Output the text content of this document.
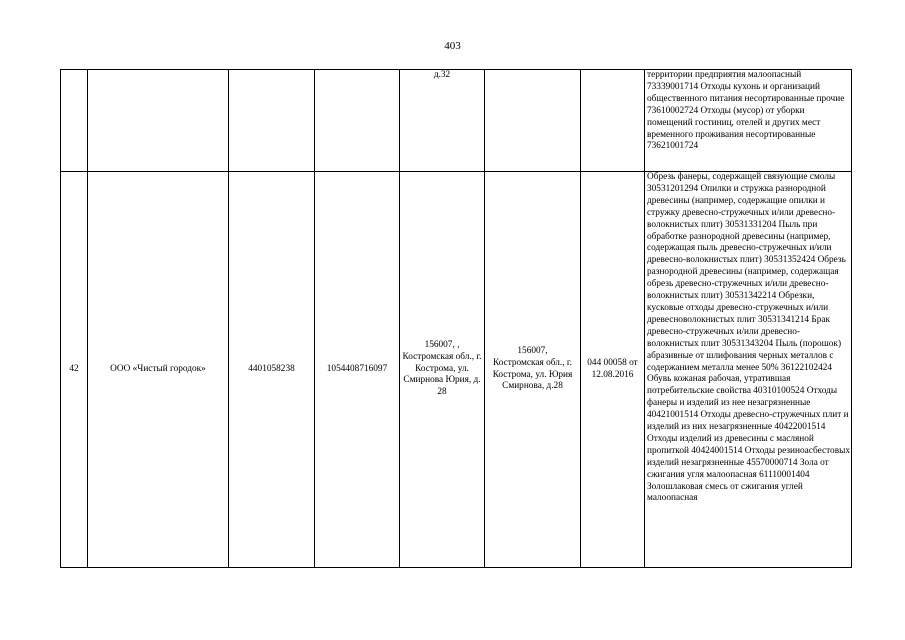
403
				д.32			территории предприятия малоопасный
73339001714 Отходы кухонь и организаций общественного питания несортированные прочие
73610002724 Отходы (мусор) от уборки помещений гостиниц, отелей и других мест временного проживания несортированные
73621001724
42	ООО «Чистый городок»	4401058238	1054408716097	156007, ,
Костромская обл., г. Кострома, ул. Смирнова Юрия, д. 28	156007,
Костромская обл., г. Кострома, ул. Юрия Смирнова, д.28	044 00058 от 12.08.2016	Обрезь фанеры, содержащей связующие смолы 30531201294 Опилки и стружка разнородной древесины (например, содержащие опилки и стружку древесно-стружечных и/или древесно-волокнистых плит) 30531331204 Пыль при обработке разнородной древесины (например, содержащая пыль древесно-стружечных и/или древесно-волокнистых плит) 30531352424 Обрезь разнородной древесины (например, содержащая обрезь древесно-стружечных и/или древесно-волокнистых плит) 30531342214 Обрезки, кусковые отходы древесно-стружечных и/или древесноволокнистых плит 30531341214 Брак древесно-стружечных и/или древесно-волокнистых плит 30531343204 Пыль (порошок) абразивные от шлифования черных металлов с содержанием металла менее 50% 36122102424 Обувь кожаная рабочая, утратившая потребительские свойства 40310100524 Отходы фанеры и изделий из нее незагрязненные 40421001514 Отходы древесно-стружечных плит и изделий из них незагрязненные 40422001514 Отходы изделий из древесины с масляной пропиткой 40424001514 Отходы резиноасбестовых изделий незагрязненные 45570000714 Зола от сжигания угля малоопасная 61110001404 Золошлаковая смесь от сжигания углей малоопасная
